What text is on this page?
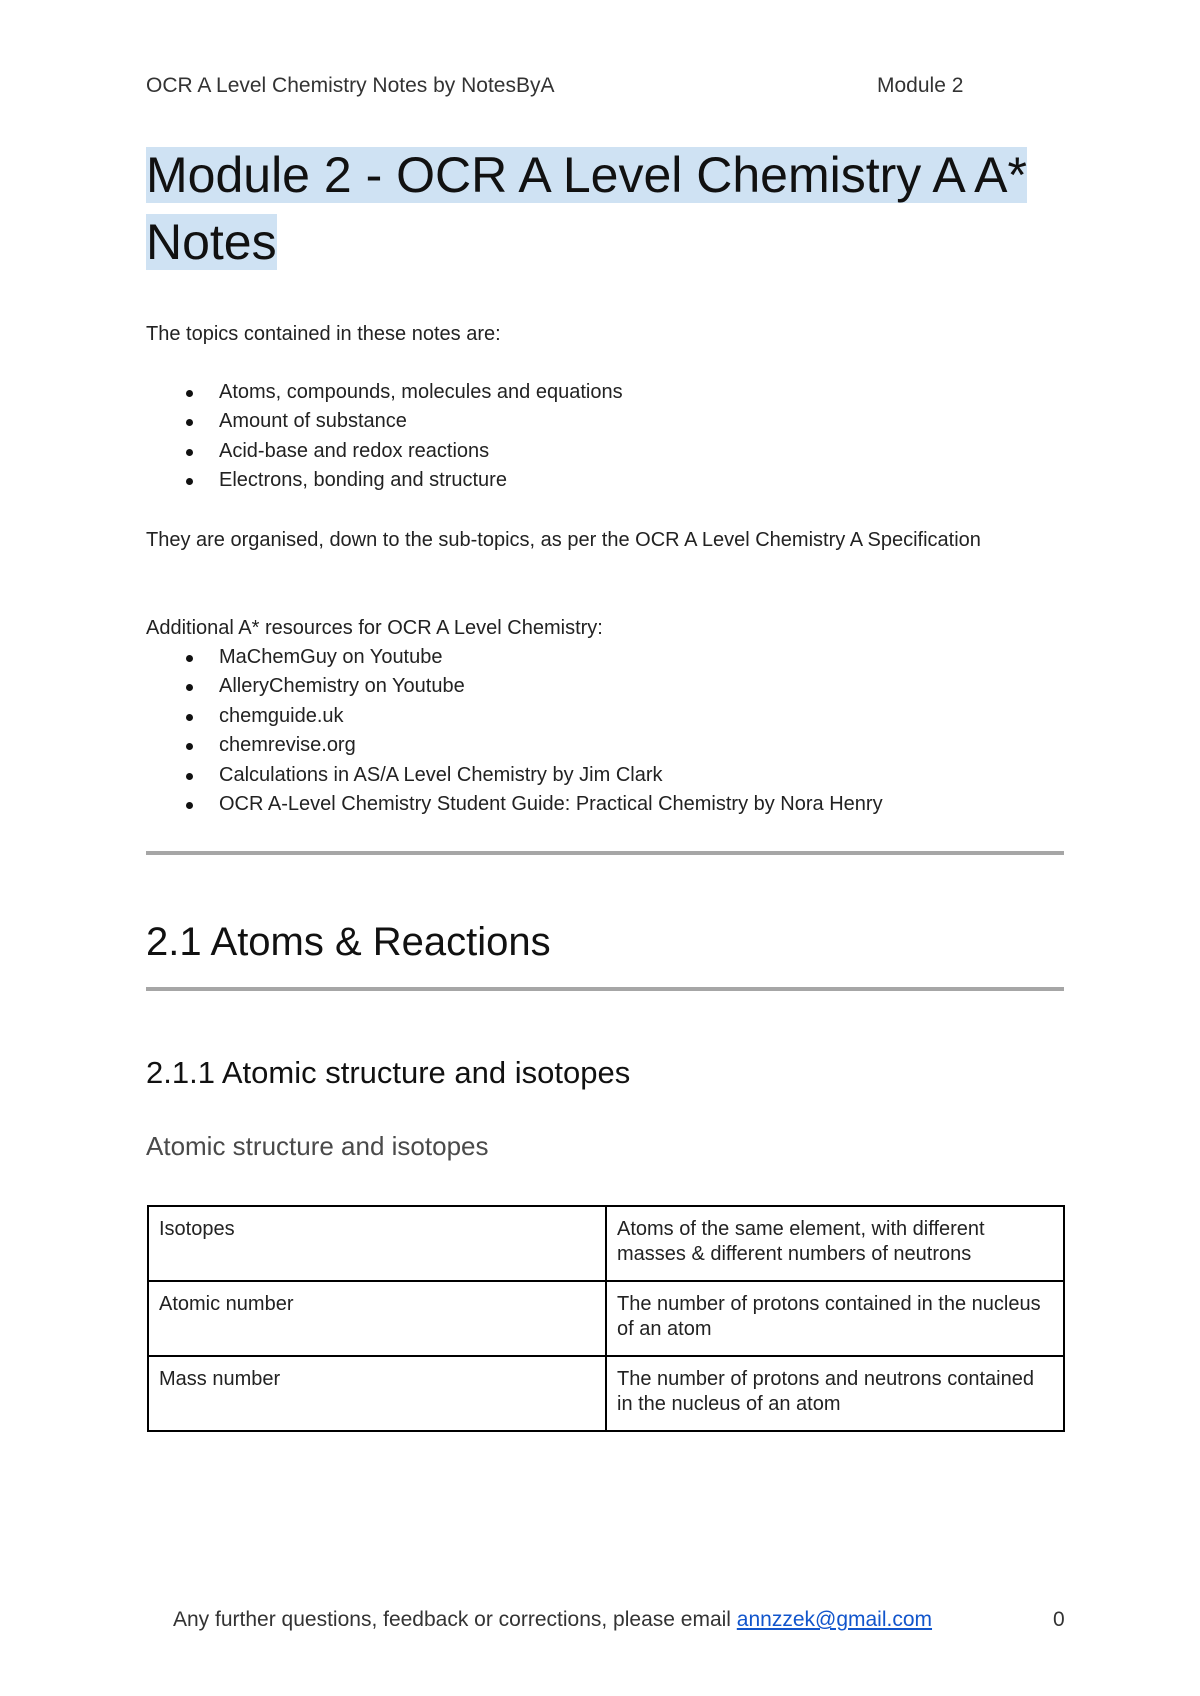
OCR A Level Chemistry Notes by NotesByA	Module 2
Module 2 - OCR A Level Chemistry A A* Notes

The topics contained in these notes are:

Atoms, compounds, molecules and equations
Amount of substance
Acid-base and redox reactions
Electrons, bonding and structure

They are organised, down to the sub-topics, as per the OCR A Level Chemistry A Specification

Additional A* resources for OCR A Level Chemistry:

MaChemGuy on Youtube
AlleryChemistry on Youtube
chemguide.uk
chemrevise.org
Calculations in AS/A Level Chemistry by Jim Clark
OCR A-Level Chemistry Student Guide: Practical Chemistry by Nora Henry
2.1 Atoms & Reactions
2.1.1 Atomic structure and isotopes
Atomic structure and isotopes
Isotopes	Atoms of the same element, with different masses & different numbers of neutrons
Atomic number	The number of protons contained in the nucleus of an atom
Mass number	The number of protons and neutrons contained in the nucleus of an atom
Any further questions, feedback or corrections, please email annzzek@gmail.com	0
